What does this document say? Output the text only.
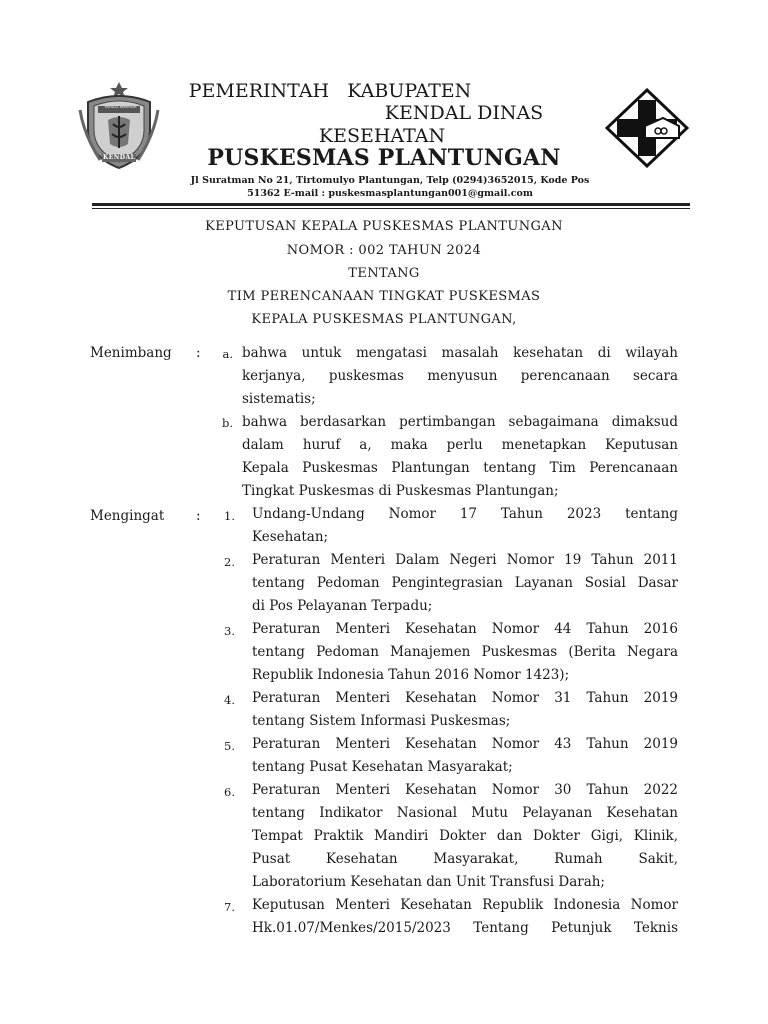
KENDAL BERSINAR
KENDAL
PEMERINTAH   KABUPATEN
KENDAL DINAS
KESEHATAN
PUSKESMAS PLANTUNGAN
Jl Suratman No 21, Tirtomulyo Plantungan, Telp (0294)3652015, Kode Pos
51362 E-mail : puskesmasplantungan001@gmail.com
KEPUTUSAN KEPALA PUSKESMAS PLANTUNGAN
NOMOR : 002 TAHUN 2024
TENTANG
TIM PERENCANAAN TINGKAT PUSKESMAS
KEPALA PUSKESMAS PLANTUNGAN,
Menimbang :	a. bahwa untuk mengatasi masalah kesehatan di wilayah
kerjanya, puskesmas menyusun perencanaan secara
sistematis;
b. bahwa berdasarkan pertimbangan sebagaimana dimaksud
dalam huruf a, maka perlu menetapkan Keputusan
Kepala Puskesmas Plantungan tentang Tim Perencanaan
Tingkat Puskesmas di Puskesmas Plantungan;
Mengingat :	1. Undang-Undang Nomor 17 Tahun 2023 tentang
Kesehatan;
2. Peraturan Menteri Dalam Negeri Nomor 19 Tahun 2011
tentang Pedoman Pengintegrasian Layanan Sosial Dasar
di Pos Pelayanan Terpadu;
3. Peraturan Menteri Kesehatan Nomor 44 Tahun 2016
tentang Pedoman Manajemen Puskesmas (Berita Negara
Republik Indonesia Tahun 2016 Nomor 1423);
4. Peraturan Menteri Kesehatan Nomor 31 Tahun 2019
tentang Sistem Informasi Puskesmas;
5. Peraturan Menteri Kesehatan Nomor 43 Tahun 2019
tentang Pusat Kesehatan Masyarakat;
6. Peraturan Menteri Kesehatan Nomor 30 Tahun 2022
tentang Indikator Nasional Mutu Pelayanan Kesehatan
Tempat Praktik Mandiri Dokter dan Dokter Gigi, Klinik,
Pusat Kesehatan Masyarakat, Rumah Sakit,
Laboratorium Kesehatan dan Unit Transfusi Darah;
7. Keputusan Menteri Kesehatan Republik Indonesia Nomor
Hk.01.07/Menkes/2015/2023 Tentang Petunjuk Teknis
